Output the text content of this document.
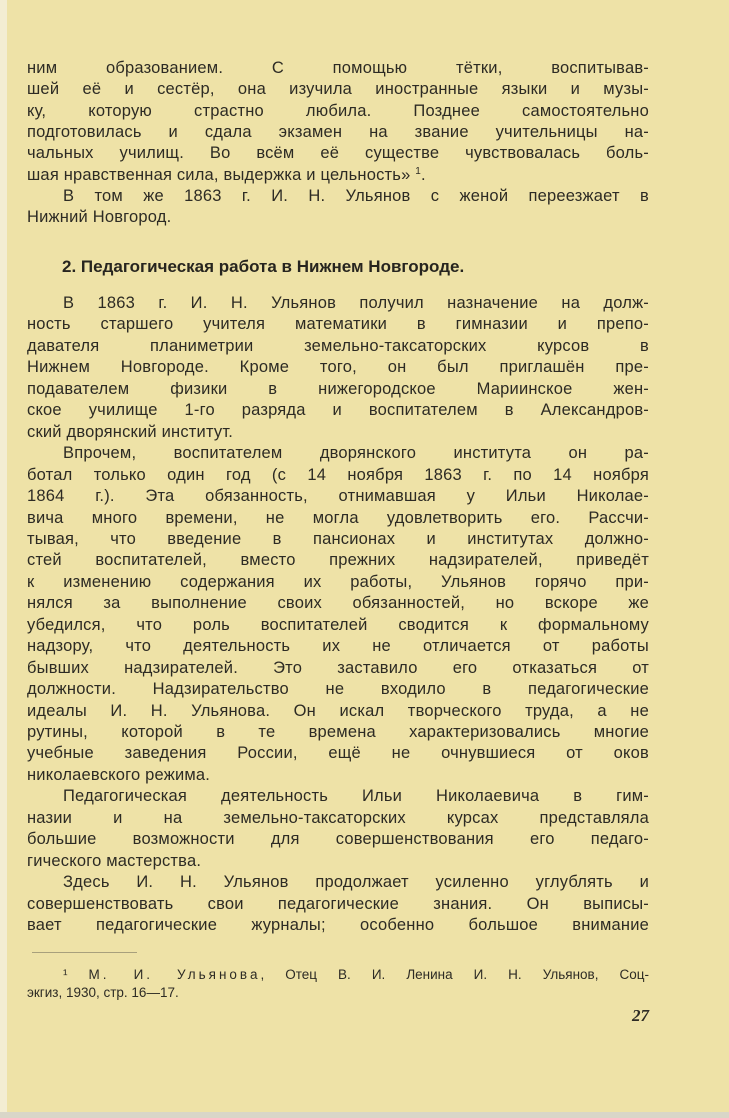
ним образованием. С помощью тётки, воспитывав-
шей её и сестёр, она изучила иностранные языки и музы-
ку, которую страстно любила. Позднее самостоятельно
подготовилась и сдала экзамен на звание учительницы на-
чальных училищ. Во всём её существе чувствовалась боль-
шая нравственная сила, выдержка и цельность» $^1$.
В том же 1863 г. И. Н. Ульянов с женой переезжает в
Нижний Новгород.
В 1863 г. И. Н. Ульянов получил назначение на долж-
ность старшего учителя математики в гимназии и препо-
давателя планиметрии земельно-таксаторских курсов в
Нижнем Новгороде. Кроме того, он был приглашён пре-
подавателем физики в нижегородское Мариинское жен-
ское училище 1-го разряда и воспитателем в Александров-
ский дворянский институт.
Впрочем, воспитателем дворянского института он ра-
ботал только один год (с 14 ноября 1863 г. по 14 ноября
1864 г.). Эта обязанность, отнимавшая у Ильи Николае-
вича много времени, не могла удовлетворить его. Рассчи-
тывая, что введение в пансионах и институтах должно-
стей воспитателей, вместо прежних надзирателей, приведёт
к изменению содержания их работы, Ульянов горячо при-
нялся за выполнение своих обязанностей, но вскоре же
убедился, что роль воспитателей сводится к формальному
надзору, что деятельность их не отличается от работы
бывших надзирателей. Это заставило его отказаться от
должности. Надзирательство не входило в педагогические
идеалы И. Н. Ульянова. Он искал творческого труда, а не
рутины, которой в те времена характеризовались многие
учебные заведения России, ещё не очнувшиеся от оков
николаевского режима.
Педагогическая деятельность Ильи Николаевича в гим-
назии и на земельно-таксаторских курсах представляла
большие возможности для совершенствования его педаго-
гического мастерства.
Здесь И. Н. Ульянов продолжает усиленно углублять и
совершенствовать свои педагогические знания. Он выписы-
вает педагогические журналы; особенно большое внимание
2. Педагогическая работа в Нижнем Новгороде.
¹ М. И. Ульянова, Отец В. И. Ленина И. Н. Ульянов, Соц-
экгиз, 1930, стр. 16—17.
27
